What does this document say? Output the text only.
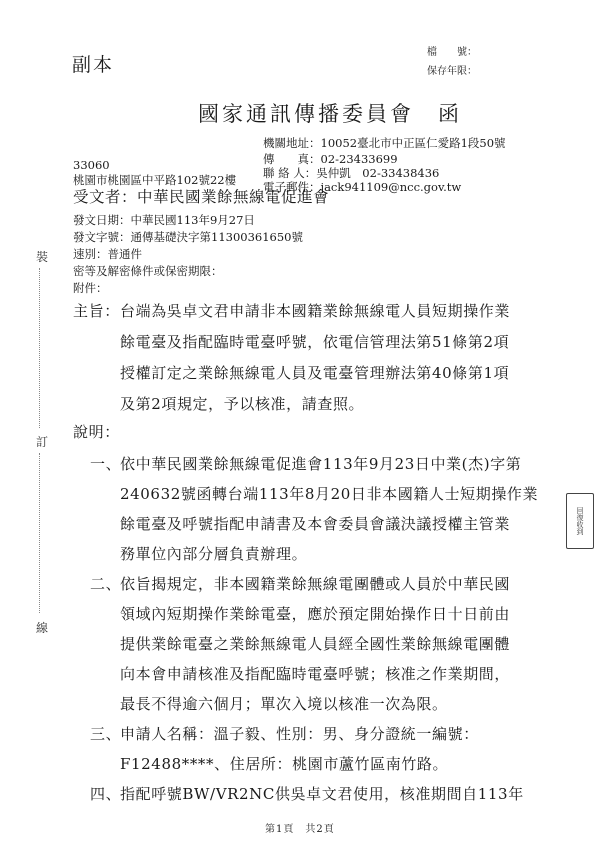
副本
檔　　號：
保存年限：
國家通訊傳播委員會　函
機關地址：10052臺北市中正區仁愛路1段50號
傳　　真：02-23433699
聯 絡 人：吳仲凱　02-33438436
電子郵件：jack941109@ncc.gov.tw
33060
桃園市桃園區中平路102號22樓
受文者：中華民國業餘無線電促進會
發文日期：中華民國113年9月27日
發文字號：通傳基礎決字第11300361650號
速別：普通件
密等及解密條件或保密期限：
附件：
主旨： 台端為吳卓文君申請非本國籍業餘無線電人員短期操作業
餘電臺及指配臨時電臺呼號，依電信管理法第51條第2項
授權訂定之業餘無線電人員及電臺管理辦法第40條第1項
及第2項規定，予以核准，請查照。
說明：
一、
依中華民國業餘無線電促進會113年9月23日中業(杰)字第
240632號函轉台端113年8月20日非本國籍人士短期操作業
餘電臺及呼號指配申請書及本會委員會議決議授權主管業
務單位內部分層負責辦理。
二、
依旨揭規定，非本國籍業餘無線電團體或人員於中華民國
領域內短期操作業餘電臺，應於預定開始操作日十日前由
提供業餘電臺之業餘無線電人員經全國性業餘無線電團體
向本會申請核准及指配臨時電臺呼號；核准之作業期間，
最長不得逾六個月；單次入境以核准一次為限。
三、
申請人名稱：溫子毅、性別：男、身分證統一編號：
F12488****、住居所：桃園市蘆竹區南竹路。
四、
指配呼號BW/VR2NC供吳卓文君使用，核准期間自113年
裝
訂
線
回復收到
第1頁　共2頁
